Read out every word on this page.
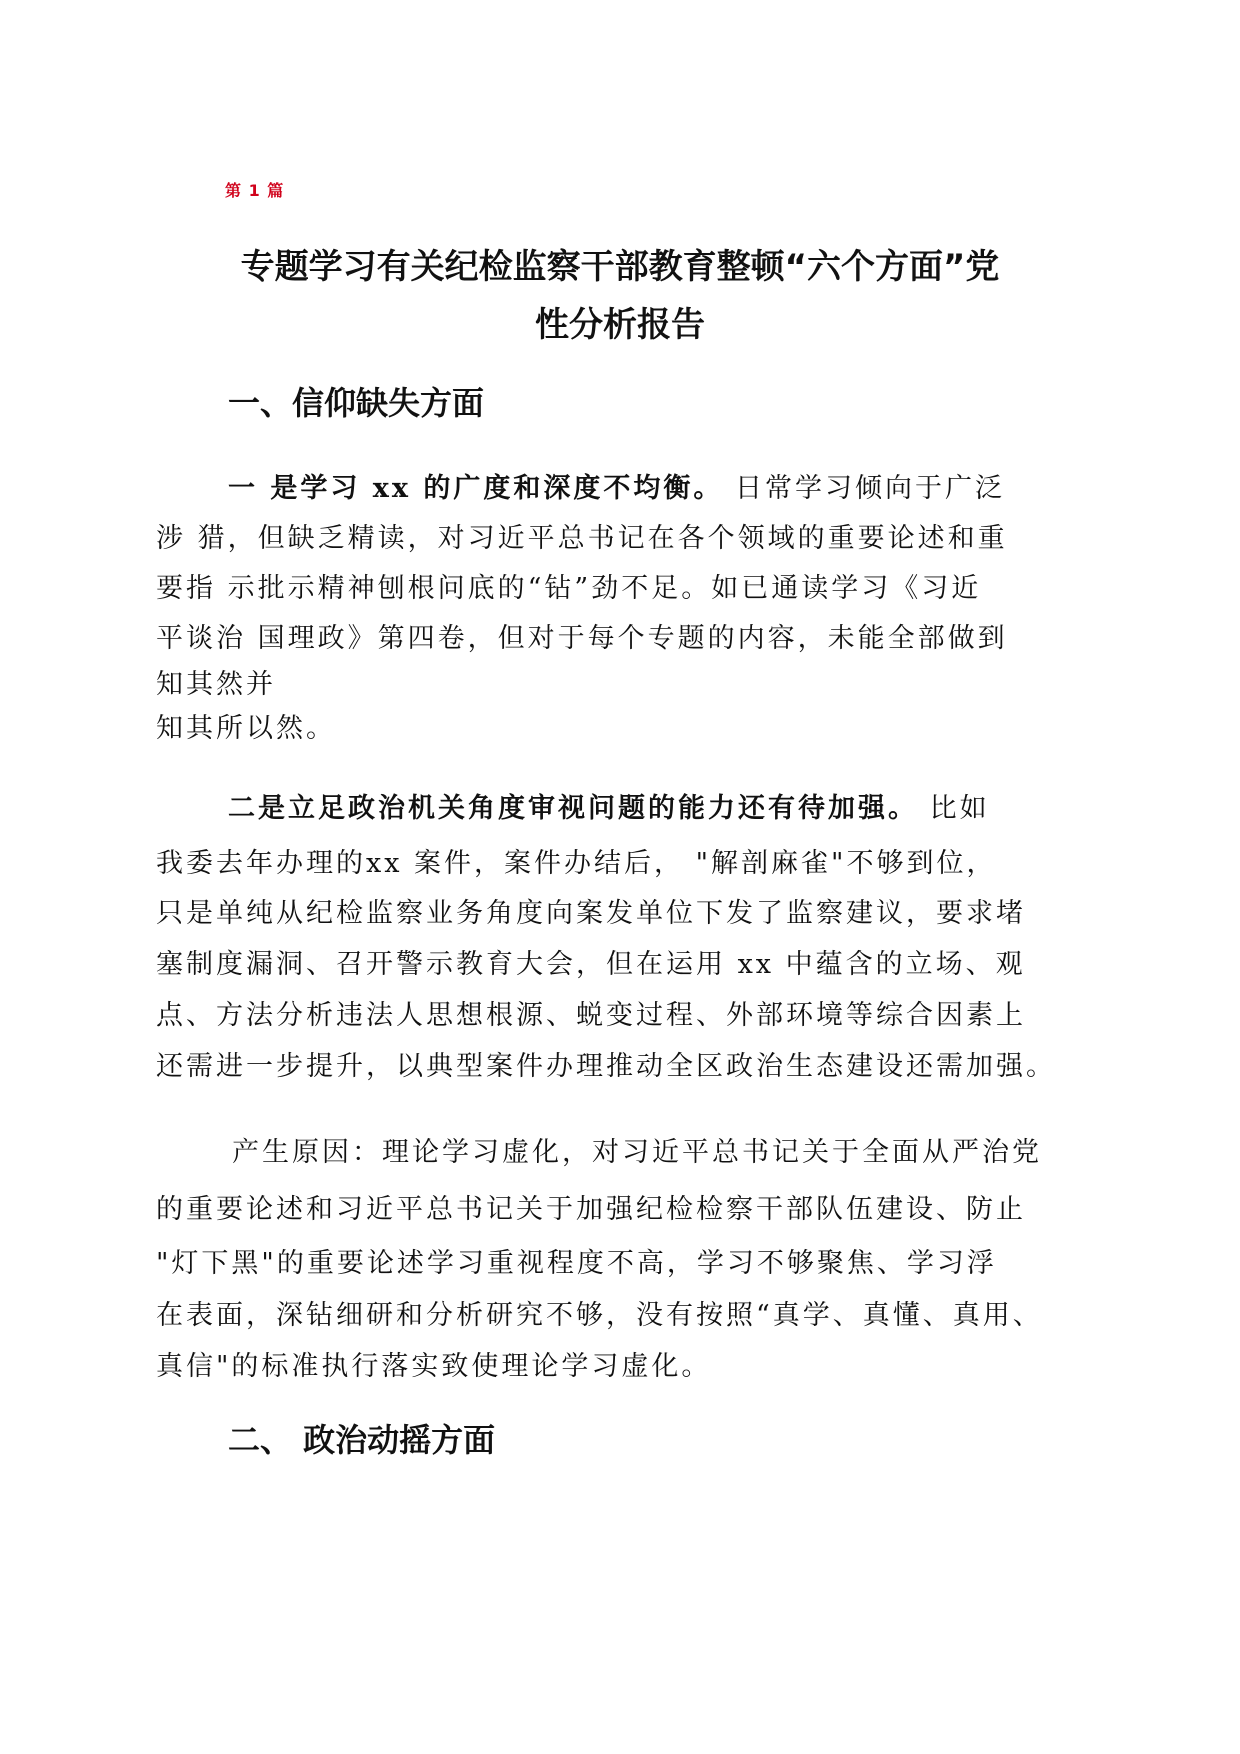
第 1 篇
专题学习有关纪检监察干部教育整顿“六个方面”党
性分析报告
一、信仰缺失方面
一 是学习 xx 的广度和深度不均衡。 日常学习倾向于广泛
涉 猎，但缺乏精读，对习近平总书记在各个领域的重要论述和重
要指 示批示精神刨根问底的“钻”劲不足。如已通读学习《习近
平谈治 国理政》第四卷，但对于每个专题的内容，未能全部做到
知其然并
知其所以然。
二是立足政治机关角度审视问题的能力还有待加强。 比如
我委去年办理的xx 案件，案件办结后， "解剖麻雀"不够到位，
只是单纯从纪检监察业务角度向案发单位下发了监察建议，要求堵
塞制度漏洞、召开警示教育大会，但在运用 xx 中蕴含的立场、观
点、方法分析违法人思想根源、蜕变过程、外部环境等综合因素上
还需进一步提升，以典型案件办理推动全区政治生态建设还需加强。
产生原因：理论学习虚化，对习近平总书记关于全面从严治党
的重要论述和习近平总书记关于加强纪检检察干部队伍建设、防止
"灯下黑"的重要论述学习重视程度不高，学习不够聚焦、学习浮
在表面，深钻细研和分析研究不够，没有按照“真学、真懂、真用、
真信"的标准执行落实致使理论学习虚化。
二、 政治动摇方面
